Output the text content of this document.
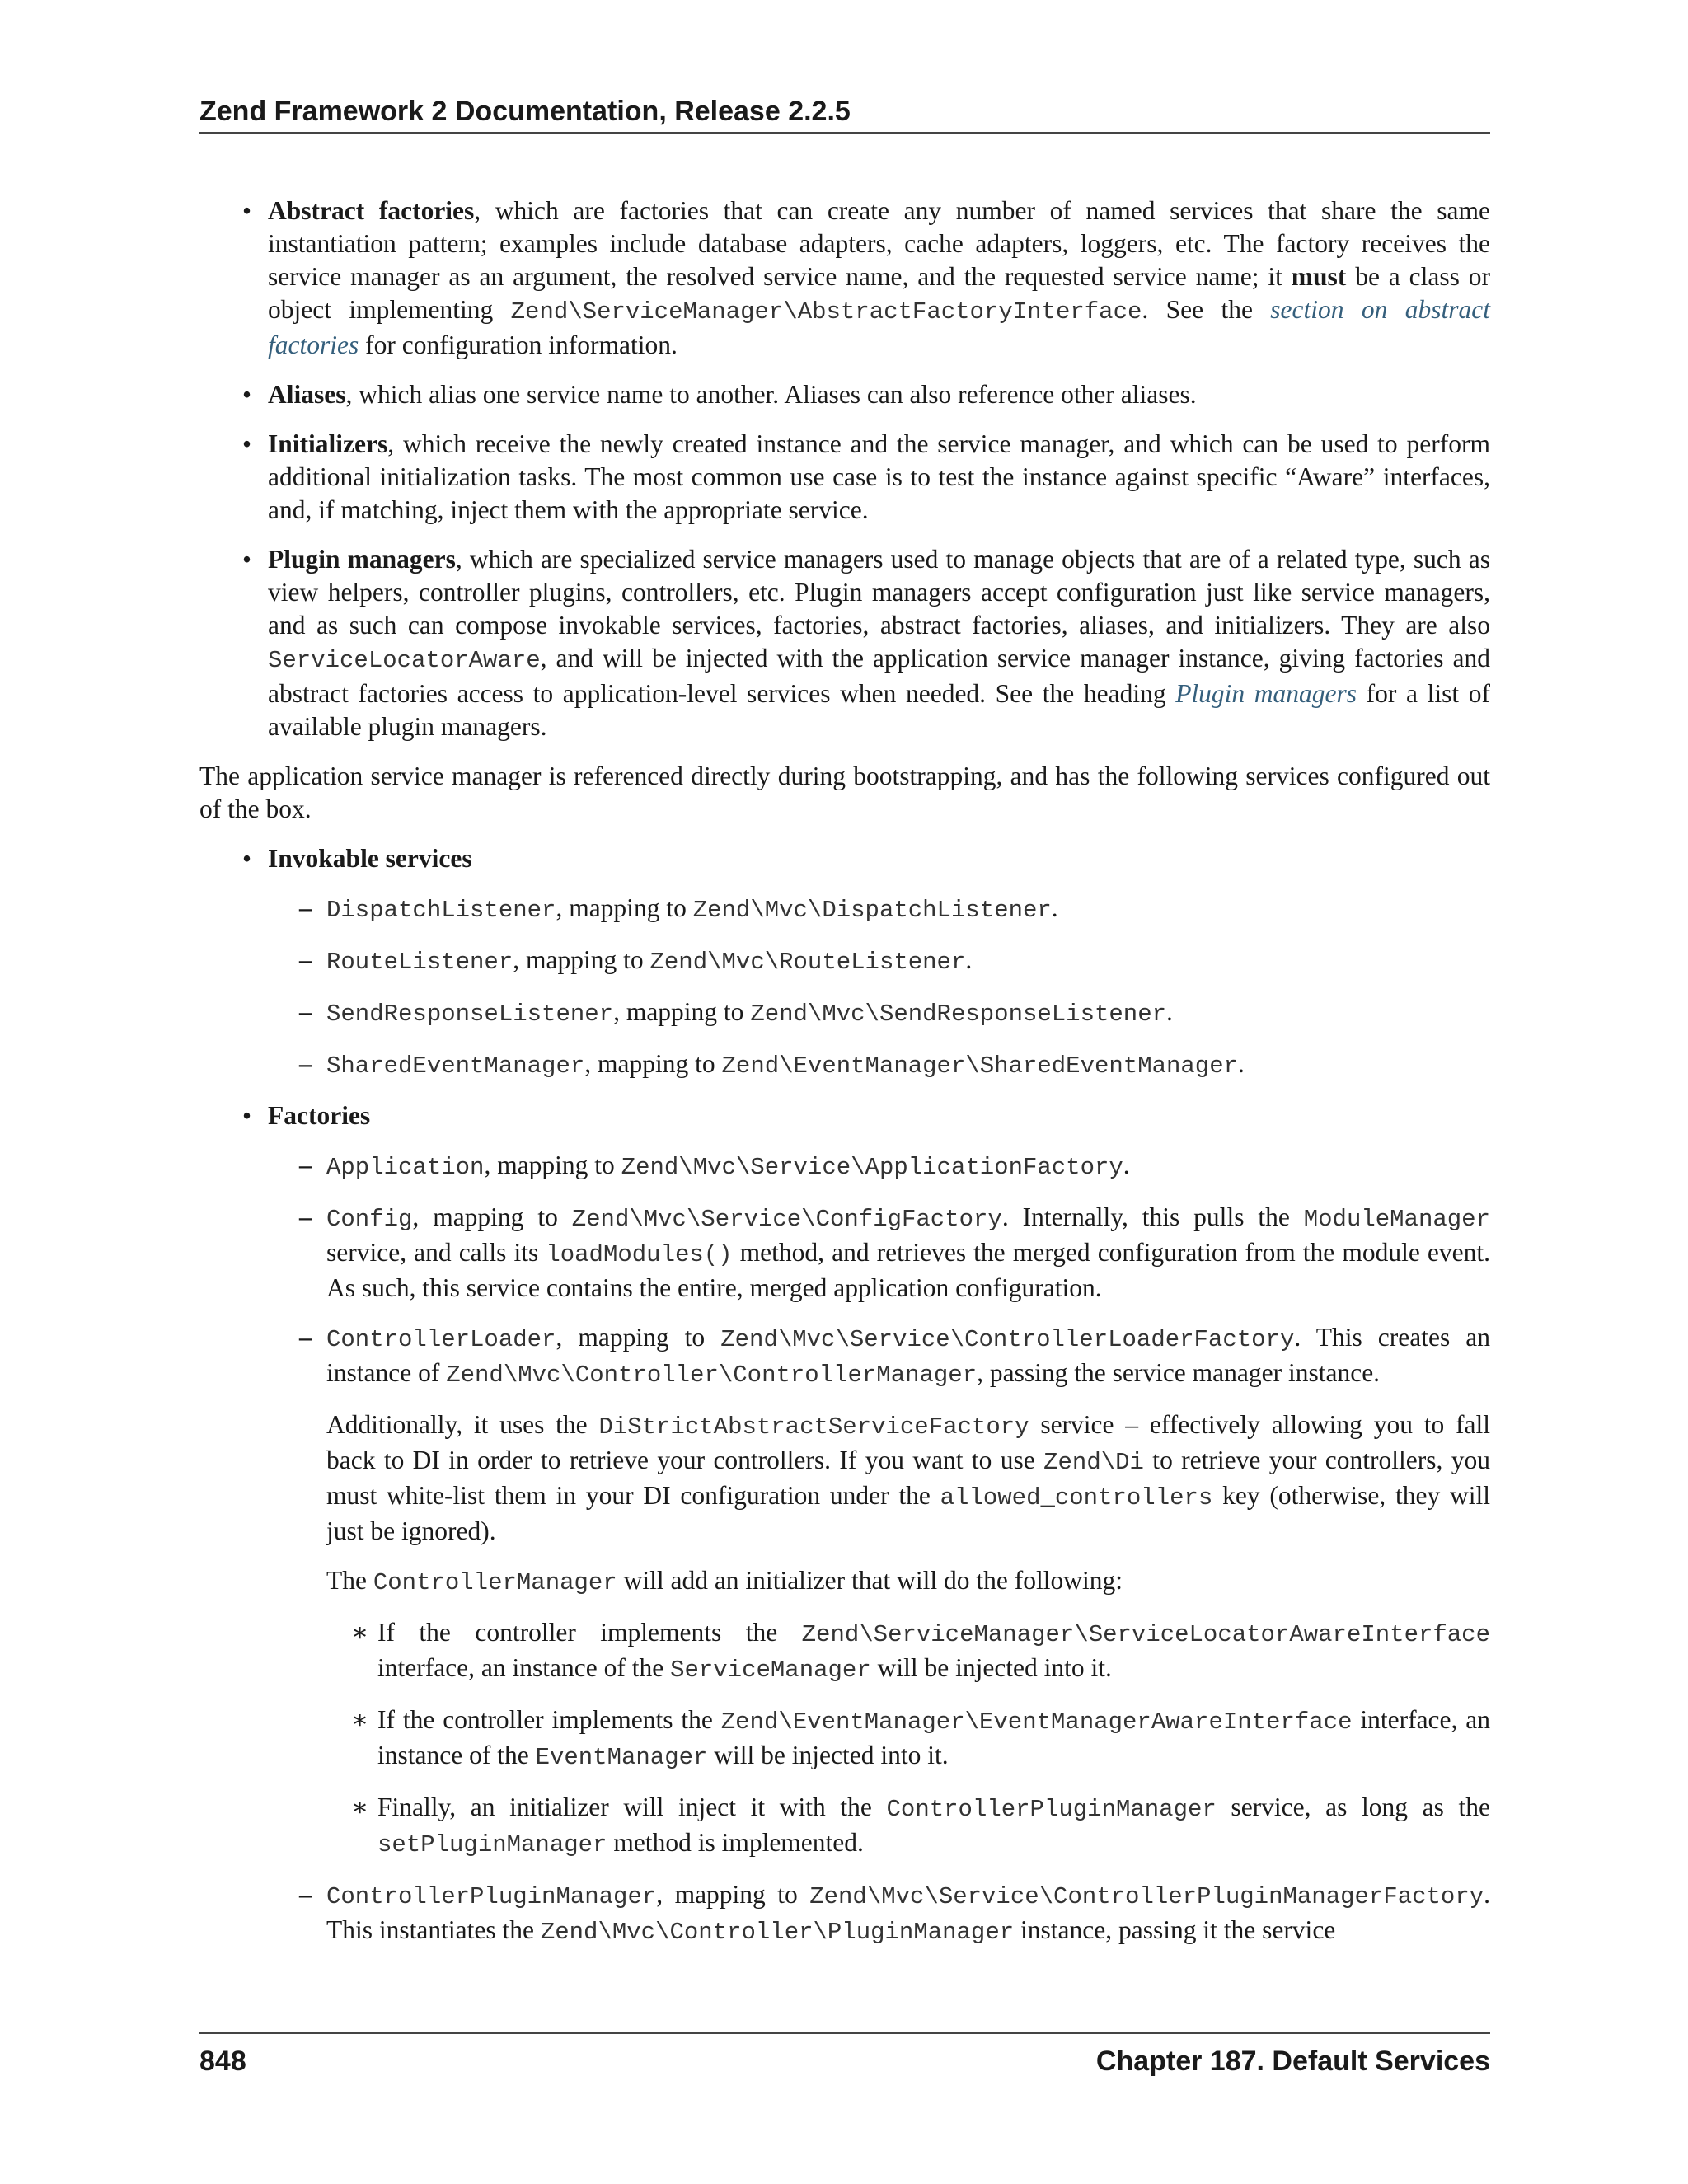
Zend Framework 2 Documentation, Release 2.2.5
• Abstract factories, which are factories that can create any number of named services that share the same instantiation pattern; examples include database adapters, cache adapters, loggers, etc. The factory receives the service manager as an argument, the resolved service name, and the requested service name; it must be a class or object implementing Zend\ServiceManager\AbstractFactoryInterface. See the section on abstract factories for configuration information.
• Aliases, which alias one service name to another. Aliases can also reference other aliases.
• Initializers, which receive the newly created instance and the service manager, and which can be used to perform additional initialization tasks. The most common use case is to test the instance against specific “Aware” interfaces, and, if matching, inject them with the appropriate service.
• Plugin managers, which are specialized service managers used to manage objects that are of a related type, such as view helpers, controller plugins, controllers, etc. Plugin managers accept configuration just like service managers, and as such can compose invokable services, factories, abstract factories, aliases, and initializers. They are also ServiceLocatorAware, and will be injected with the application service manager instance, giving factories and abstract factories access to application-level services when needed. See the heading Plugin managers for a list of available plugin managers.

The application service manager is referenced directly during bootstrapping, and has the following services configured out of the box.

• Invokable services
– DispatchListener, mapping to Zend\Mvc\DispatchListener.
– RouteListener, mapping to Zend\Mvc\RouteListener.
– SendResponseListener, mapping to Zend\Mvc\SendResponseListener.
– SharedEventManager, mapping to Zend\EventManager\SharedEventManager.
• Factories
– Application, mapping to Zend\Mvc\Service\ApplicationFactory.
– Config, mapping to Zend\Mvc\Service\ConfigFactory. Internally, this pulls the ModuleManager service, and calls its loadModules() method, and retrieves the merged configuration from the module event. As such, this service contains the entire, merged application configuration.
– ControllerLoader, mapping to Zend\Mvc\Service\ControllerLoaderFactory. This creates an instance of Zend\Mvc\Controller\ControllerManager, passing the service manager instance.

Additionally, it uses the DiStrictAbstractServiceFactory service – effectively allowing you to fall back to DI in order to retrieve your controllers. If you want to use Zend\Di to retrieve your controllers, you must white-list them in your DI configuration under the allowed_controllers key (otherwise, they will just be ignored).

The ControllerManager will add an initializer that will do the following:

∗ If the controller implements the Zend\ServiceManager\ServiceLocatorAwareInterface interface, an instance of the ServiceManager will be injected into it.
∗ If the controller implements the Zend\EventManager\EventManagerAwareInterface interface, an instance of the EventManager will be injected into it.
∗ Finally, an initializer will inject it with the ControllerPluginManager service, as long as the setPluginManager method is implemented.
– ControllerPluginManager, mapping to Zend\Mvc\Service\ControllerPluginManagerFactory. This instantiates the Zend\Mvc\Controller\PluginManager instance, passing it the service
848	Chapter 187. Default Services
